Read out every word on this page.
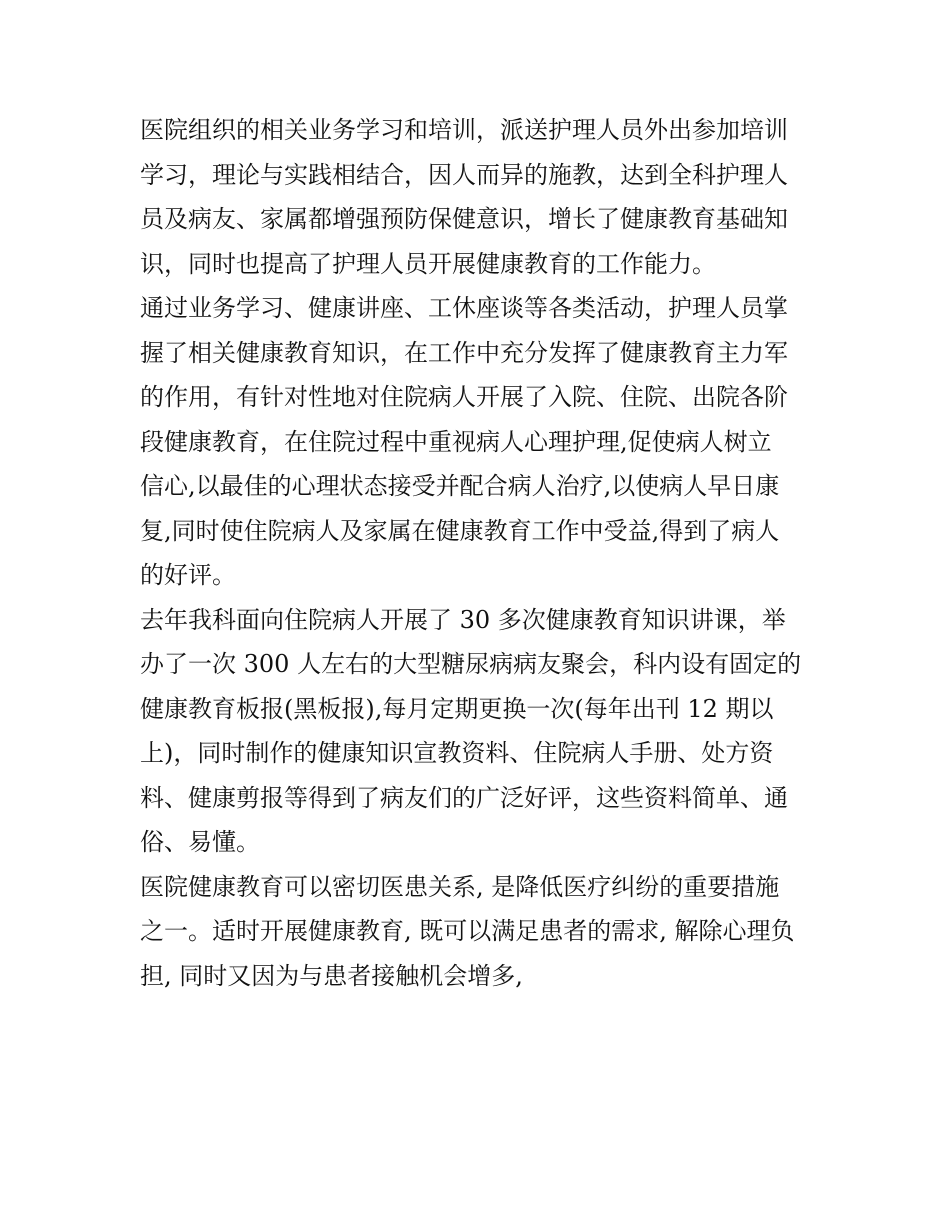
医院组织的相关业务学习和培训，派送护理人员外出参加培训
学习，理论与实践相结合，因人而异的施教，达到全科护理人
员及病友、家属都增强预防保健意识，增长了健康教育基础知
识，同时也提高了护理人员开展健康教育的工作能力。

通过业务学习、健康讲座、工休座谈等各类活动，护理人员掌
握了相关健康教育知识，在工作中充分发挥了健康教育主力军
的作用，有针对性地对住院病人开展了入院、住院、出院各阶
段健康教育，在住院过程中重视病人心理护理,促使病人树立
信心,以最佳的心理状态接受并配合病人治疗,以使病人早日康
复,同时使住院病人及家属在健康教育工作中受益,得到了病人
的好评。

去年我科面向住院病人开展了 30 多次健康教育知识讲课，举
办了一次 300 人左右的大型糖尿病病友聚会，科内设有固定的
健康教育板报(黑板报),每月定期更换一次(每年出刊 12 期以
上)，同时制作的健康知识宣教资料、住院病人手册、处方资
料、健康剪报等得到了病友们的广泛好评，这些资料简单、通
俗、易懂。

医院健康教育可以密切医患关系, 是降低医疗纠纷的重要措施
之一。适时开展健康教育, 既可以满足患者的需求, 解除心理负
担, 同时又因为与患者接触机会增多,
